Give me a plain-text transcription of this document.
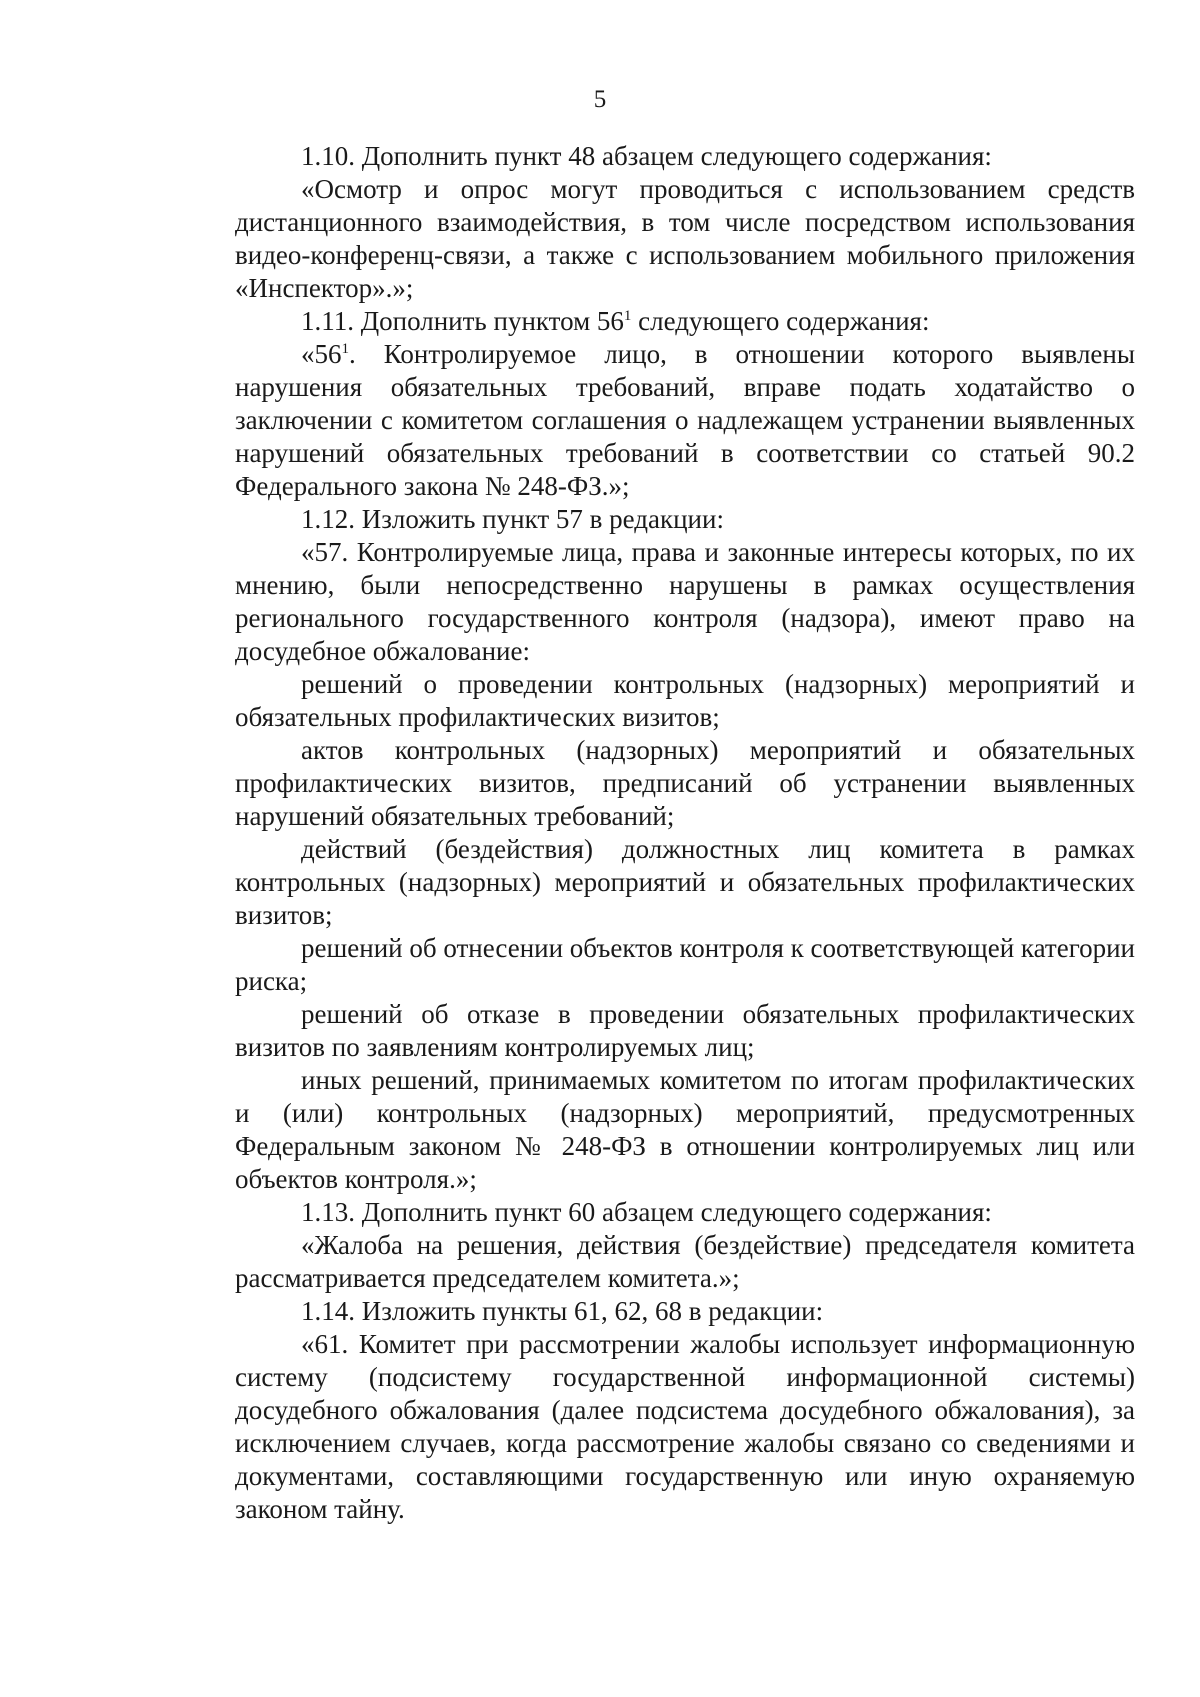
5

1.10. Дополнить пункт 48 абзацем следующего содержания:

«Осмотр и опрос могут проводиться с использованием средств дистанционного взаимодействия, в том числе посредством использования видео-конференц-связи, а также с использованием мобильного приложения «Инспектор».»;

1.11. Дополнить пунктом $56^1$ следующего содержания:

«$56^1$. Контролируемое лицо, в отношении которого выявлены нарушения обязательных требований, вправе подать ходатайство о заключении с комитетом соглашения о надлежащем устранении выявленных нарушений обязательных требований в соответствии со статьей 90.2 Федерального закона № 248-ФЗ.»;

1.12. Изложить пункт 57 в редакции:

«57. Контролируемые лица, права и законные интересы которых, по их мнению, были непосредственно нарушены в рамках осуществления регионального государственного контроля (надзора), имеют право на досудебное обжалование:

решений о проведении контрольных (надзорных) мероприятий и обязательных профилактических визитов;

актов контрольных (надзорных) мероприятий и обязательных профилактических визитов, предписаний об устранении выявленных нарушений обязательных требований;

действий (бездействия) должностных лиц комитета в рамках контрольных (надзорных) мероприятий и обязательных профилактических визитов;

решений об отнесении объектов контроля к соответствующей категории риска;

решений об отказе в проведении обязательных профилактических визитов по заявлениям контролируемых лиц;

иных решений, принимаемых комитетом по итогам профилактических и (или) контрольных (надзорных) мероприятий, предусмотренных Федеральным законом № 248-ФЗ в отношении контролируемых лиц или объектов контроля.»;

1.13. Дополнить пункт 60 абзацем следующего содержания:

«Жалоба на решения, действия (бездействие) председателя комитета рассматривается председателем комитета.»;

1.14. Изложить пункты 61, 62, 68 в редакции:

«61. Комитет при рассмотрении жалобы использует информационную систему (подсистему государственной информационной системы) досудебного обжалования (далее подсистема досудебного обжалования), за исключением случаев, когда рассмотрение жалобы связано со сведениями и документами, составляющими государственную или иную охраняемую законом тайну.
